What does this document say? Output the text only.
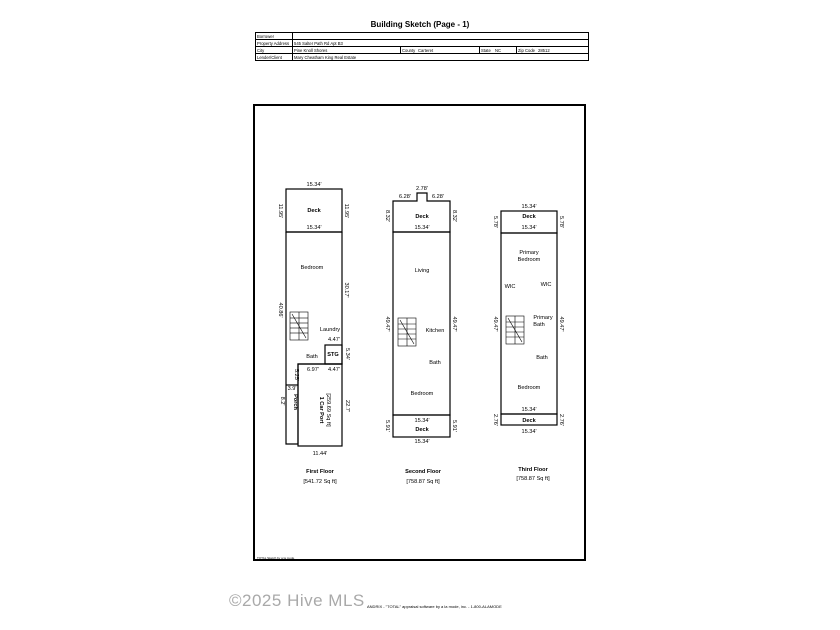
Building Sketch (Page - 1)
Borrower							
Property Address	545 Salter Path Rd Apt B3						
City	Pine Knoll Shores	County	Carteret	State	NC	Zip Code	28512
Lender/Client	Mary Cheatham King Real Estate						
15.34'
Deck
15.34'
11.95'	11.95'
Bedroom
40.86'
30.17'
Laundry
4.47'
STG 5.34'
Bath
6.97' 4.47'
5.25'
3.9'
Porch
8.2'	1 Car Port [259.69 Sq ft] 22.7'
11.44'
First Floor
[541.72 Sq ft]
2.78'
6.28'	6.28'
Deck
15.34'
8.32'	8.32'
Living
Kitchen
49.47'	49.47'
Bath
Bedroom
15.34'
Deck
15.34'
5.91'	5.91'
Second Floor
[758.87 Sq ft]
15.34'
Deck
15.34'
5.78'	5.78'
Primary
Bedroom
WIC	WIC
Primary
Bath
49.47'	49.47'
Bath
Bedroom
15.34'
Deck
15.34'
2.76'	2.76'
Third Floor
[758.87 Sq ft]
TOTAL Sketch by a la mode
ANDRIX - "TOTAL" appraisal software by a la mode, inc. - 1-800-ALAMODE
©2025 Hive MLS
